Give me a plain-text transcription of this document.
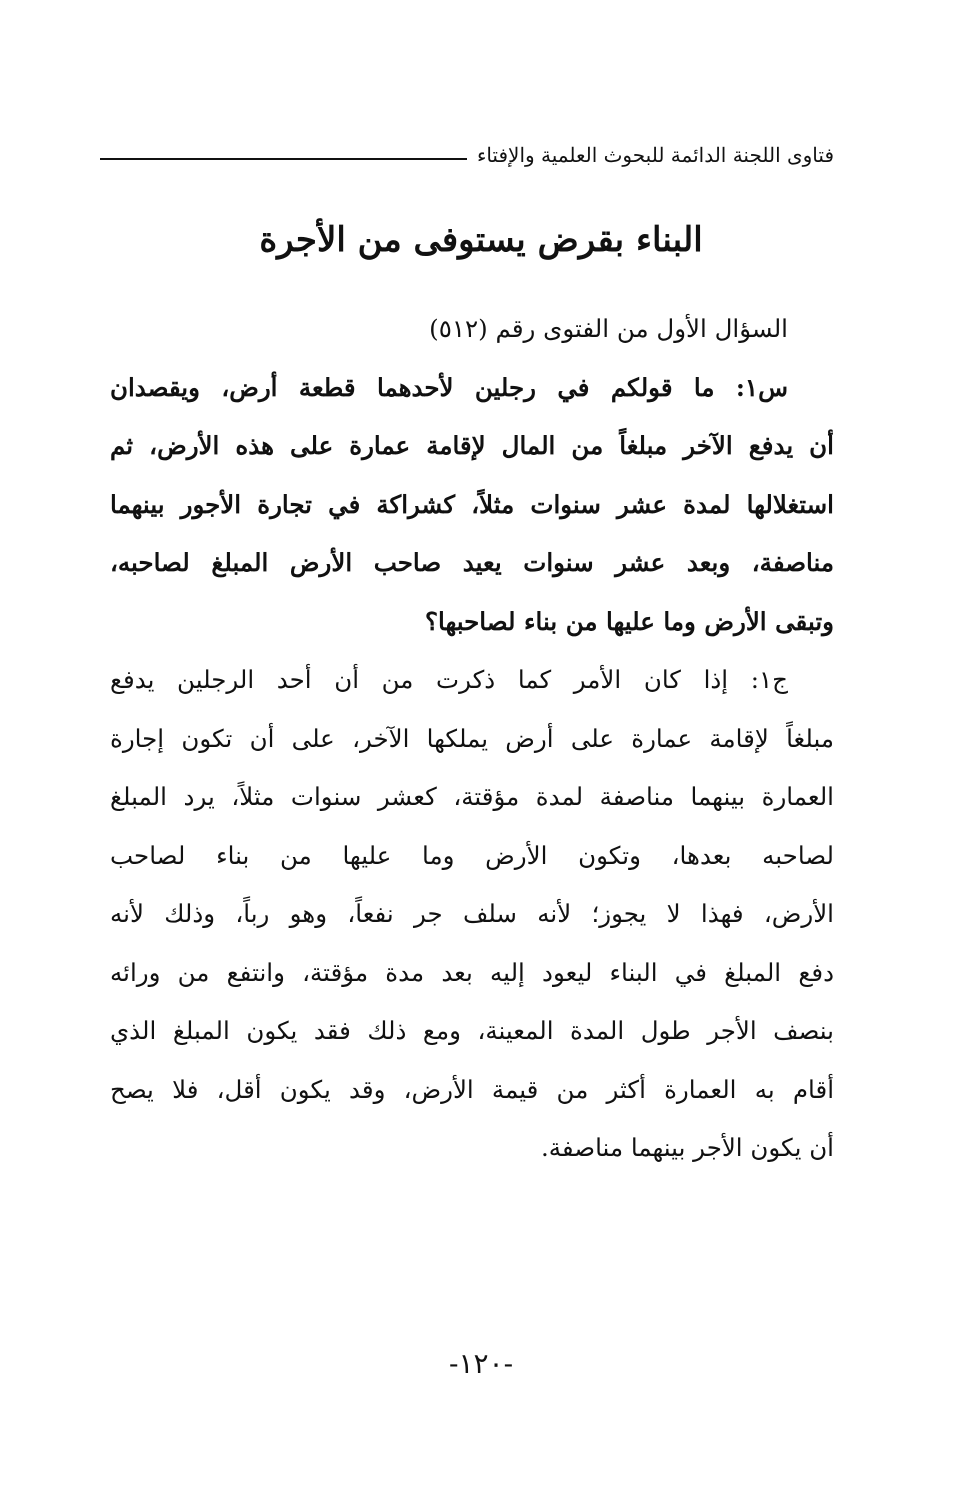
فتاوى اللجنة الدائمة للبحوث العلمية والإفتاء
البناء بقرض يستوفى من الأجرة
السؤال الأول من الفتوى رقم (٥١٢)
س١: ما قولكم في رجلين لأحدهما قطعة أرض، ويقصدان
أن يدفع الآخر مبلغاً من المال لإقامة عمارة على هذه الأرض، ثم
استغلالها لمدة عشر سنوات مثلاً، كشراكة في تجارة الأجور بينهما
مناصفة، وبعد عشر سنوات يعيد صاحب الأرض المبلغ لصاحبه،
وتبقى الأرض وما عليها من بناء لصاحبها؟
ج١: إذا كان الأمر كما ذكرت من أن أحد الرجلين يدفع
مبلغاً لإقامة عمارة على أرض يملكها الآخر، على أن تكون إجارة
العمارة بينهما مناصفة لمدة مؤقتة، كعشر سنوات مثلاً، يرد المبلغ
لصاحبه بعدها، وتكون الأرض وما عليها من بناء لصاحب
الأرض، فهذا لا يجوز؛ لأنه سلف جر نفعاً، وهو رباً، وذلك لأنه
دفع المبلغ في البناء ليعود إليه بعد مدة مؤقتة، وانتفع من ورائه
بنصف الأجر طول المدة المعينة، ومع ذلك فقد يكون المبلغ الذي
أقام به العمارة أكثر من قيمة الأرض، وقد يكون أقل، فلا يصح
أن يكون الأجر بينهما مناصفة.
-١٢٠-
